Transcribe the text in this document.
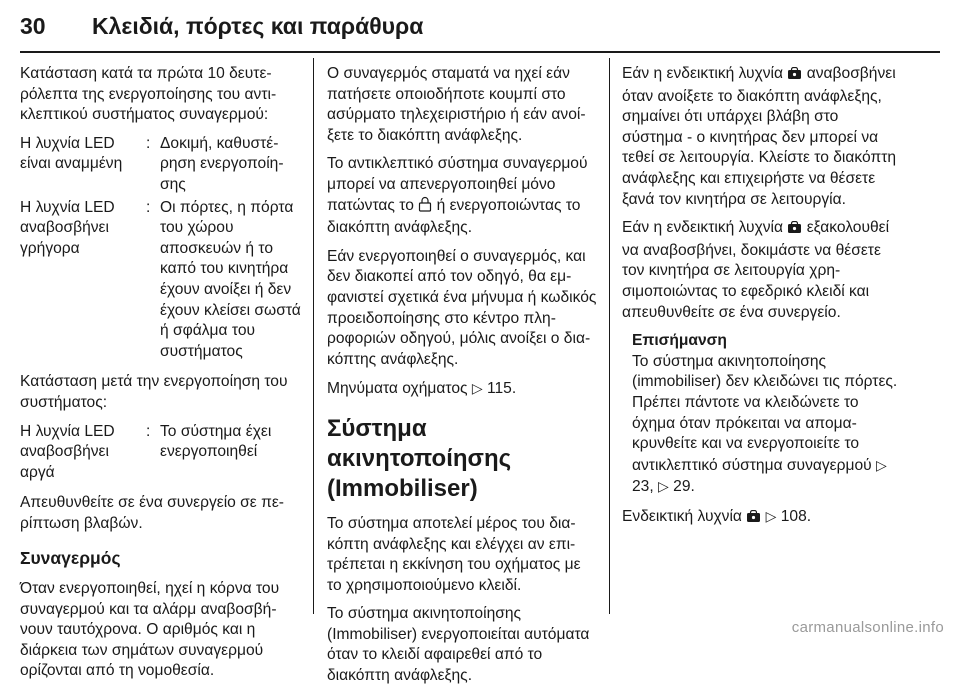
30	Κλειδιά, πόρτες και παράθυρα

Κατάσταση κατά τα πρώτα 10 δευτερόλεπτα της ενεργοποίησης του αντικλεπτικού συστήματος συναγερμού:

Η λυχνία LED είναι αναμμένη
: Δοκιμή, καθυστέρηση ενεργοποίησης
Η λυχνία LED αναβοσβήνει γρήγορα
: Οι πόρτες, η πόρτα του χώρου αποσκευών ή το καπό του κινητήρα έχουν ανοίξει ή δεν έχουν κλείσει σωστά ή σφάλμα του συστήματος

Κατάσταση μετά την ενεργοποίηση του συστήματος:

Η λυχνία LED αναβοσβήνει αργά
: Το σύστημα έχει ενεργοποιηθεί

Απευθυνθείτε σε ένα συνεργείο σε περίπτωση βλαβών.

Συναγερμός

Όταν ενεργοποιηθεί, ηχεί η κόρνα του συναγερμού και τα αλάρμ αναβοσβήνουν ταυτόχρονα. Ο αριθμός και η διάρκεια των σημάτων συναγερμού ορίζονται από τη νομοθεσία.

Ο συναγερμός σταματά να ηχεί εάν πατήσετε οποιοδήποτε κουμπί στο ασύρματο τηλεχειριστήριο ή εάν ανοίξετε το διακόπτη ανάφλεξης.

Το αντικλεπτικό σύστημα συναγερμού μπορεί να απενεργοποιηθεί μόνο πατώντας το ή ενεργοποιώντας το διακόπτη ανάφλεξης.

Εάν ενεργοποιηθεί ο συναγερμός, και δεν διακοπεί από τον οδηγό, θα εμφανιστεί σχετικά ένα μήνυμα ή κωδικός προειδοποίησης στο κέντρο πληροφοριών οδηγού, μόλις ανοίξει ο διακόπτης ανάφλεξης.

Μηνύματα οχήματος ▷ 115.

Σύστημα ακινητοποίησης (Immobiliser)

Το σύστημα αποτελεί μέρος του διακόπτη ανάφλεξης και ελέγχει αν επιτρέπεται η εκκίνηση του οχήματος με το χρησιμοποιούμενο κλειδί.

Το σύστημα ακινητοποίησης (Immobiliser) ενεργοποιείται αυτόματα όταν το κλειδί αφαιρεθεί από το διακόπτη ανάφλεξης.

Εάν η ενδεικτική λυχνία αναβοσβήνει όταν ανοίξετε το διακόπτη ανάφλεξης, σημαίνει ότι υπάρχει βλάβη στο σύστημα - ο κινητήρας δεν μπορεί να τεθεί σε λειτουργία. Κλείστε το διακόπτη ανάφλεξης και επιχειρήστε να θέσετε ξανά τον κινητήρα σε λειτουργία.

Εάν η ενδεικτική λυχνία εξακολουθεί να αναβοσβήνει, δοκιμάστε να θέσετε τον κινητήρα σε λειτουργία χρησιμοποιώντας το εφεδρικό κλειδί και απευθυνθείτε σε ένα συνεργείο.

Επισήμανση

Το σύστημα ακινητοποίησης (immobiliser) δεν κλειδώνει τις πόρτες. Πρέπει πάντοτε να κλειδώνετε το όχημα όταν πρόκειται να απομακρυνθείτε και να ενεργοποιείτε το αντικλεπτικό σύστημα συναγερμού ▷ 23, ▷ 29.

Ενδεικτική λυχνία ▷ 108.

carmanualsonline.info
